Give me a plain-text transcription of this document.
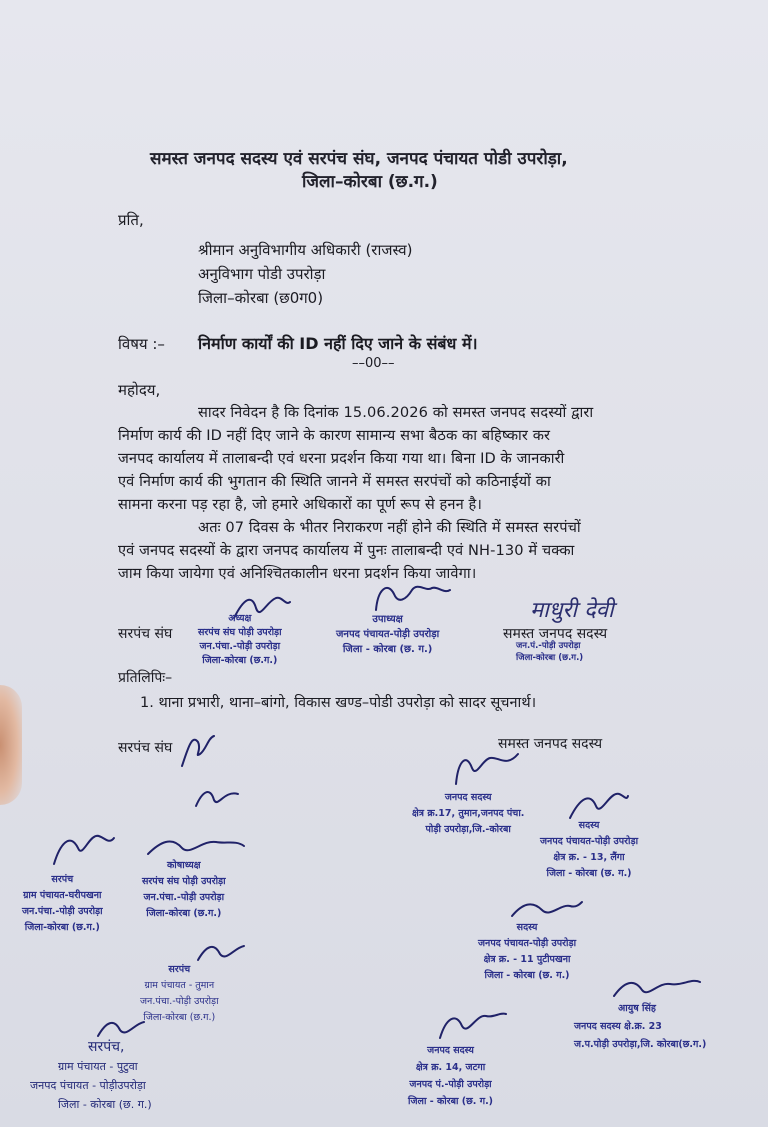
समस्त जनपद सदस्य एवं सरपंच संघ, जनपद पंचायत पोडी उपरोड़ा,
जिला–कोरबा (छ.ग.)
प्रति,
श्रीमान अनुविभागीय अधिकारी (राजस्व)
अनुविभाग पोडी उपरोड़ा
जिला–कोरबा (छ0ग0)
विषय :– निर्माण कार्यों की ID नहीं दिए जाने के संबंध में।
––00––
महोदय,
सादर निवेदन है कि दिनांक 15.06.2026 को समस्त जनपद सदस्यों द्वारा
निर्माण कार्य की ID नहीं दिए जाने के कारण सामान्य सभा बैठक का बहिष्कार कर
जनपद कार्यालय में तालाबन्दी एवं धरना प्रदर्शन किया गया था। बिना ID के जानकारी
एवं निर्माण कार्य की भुगतान की स्थिति जानने में समस्त सरपंचों को कठिनाईयों का
सामना करना पड़ रहा है, जो हमारे अधिकारों का पूर्ण रूप से हनन है।
अतः 07 दिवस के भीतर निराकरण नहीं होने की स्थिति में समस्त सरपंचों
एवं जनपद सदस्यों के द्वारा जनपद कार्यालय में पुनः तालाबन्दी एवं NH-130 में चक्का
जाम किया जायेगा एवं अनिश्चितकालीन धरना प्रदर्शन किया जावेगा।
सरपंच संघ
अध्यक्ष
सरपंच संघ पोड़ी उपरोड़ा
जन.पंचा.-पोड़ी उपरोड़ा
जिला-कोरबा (छ.ग.)
उपाध्यक्ष
जनपद पंचायत-पोड़ी उपरोड़ा
जिला - कोरबा (छ. ग.)
माधुरी देवी
समस्त जनपद सदस्य
जन.पं.-पोड़ी उपरोड़ा
जिला-कोरबा (छ.ग.)
प्रतिलिपिः–
1. थाना प्रभारी, थाना–बांगो, विकास खण्ड–पोडी उपरोड़ा को सादर सूचनार्थ।
सरपंच संघ	समस्त जनपद सदस्य
जनपद सदस्य
क्षेत्र क्र.17, तुमान,जनपद पंचा.
पोड़ी उपरोड़ा,जि.-कोरबा	सदस्य
जनपद पंचायत-पोड़ी उपरोड़ा
क्षेत्र क्र. - 13, लैंगा
जिला - कोरबा (छ. ग.)
सरपंच
ग्राम पंचायत-घरीपखना
जन.पंचा.-पोड़ी उपरोड़ा
जिला-कोरबा (छ.ग.)
कोषाध्यक्ष
सरपंच संघ पोड़ी उपरोड़ा
जन.पंचा.-पोड़ी उपरोड़ा
जिला-कोरबा (छ.ग.)
सदस्य
जनपद पंचायत-पोड़ी उपरोड़ा
क्षेत्र क्र. - 11 पुटीपखना
जिला - कोरबा (छ. ग.)
सरपंच
ग्राम पंचायत - तुमान
जन.पंचा.-पोड़ी उपरोड़ा
जिला-कोरबा (छ.ग.)
आयुष सिंह
जनपद सदस्य क्षे.क्र. 23
ज.प.पोड़ी उपरोड़ा,जि. कोरबा(छ.ग.)
सरपंच,
ग्राम पंचायत - पुटुवा
जनपद पंचायत - पोड़ीउपरोड़ा
जिला - कोरबा (छ. ग.)
जनपद सदस्य
क्षेत्र क्र. 14, जटगा
जनपद पं.-पोड़ी उपरोड़ा
जिला - कोरबा (छ. ग.)
